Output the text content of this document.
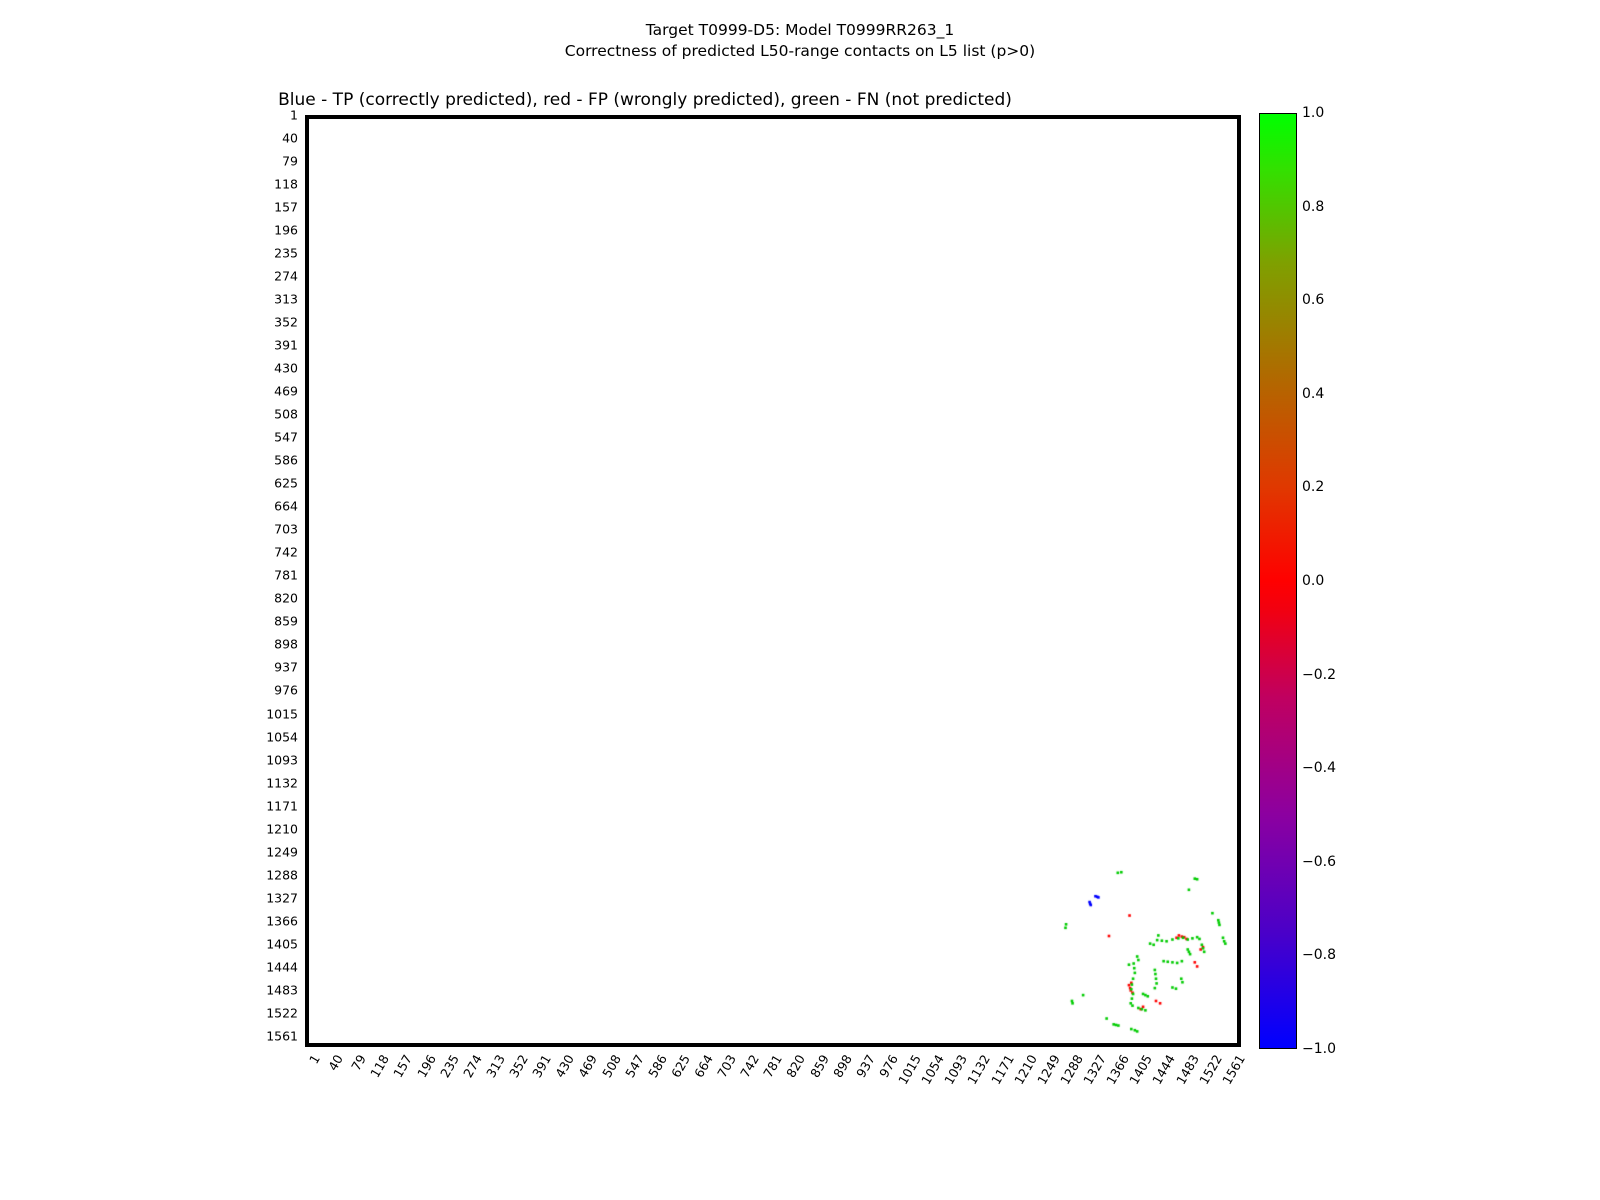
Target T0999-D5: Model T0999RR263_1
Correctness of predicted L50-range contacts on L5 list (p>0)
Blue - TP (correctly predicted), red - FP (wrongly predicted), green - FN (not predicted)
1
40
79
118
157
196
235
274
313
352
391
430
469
508
547
586
625
664
703
742
781
820
859
898
937
976
1015
1054
1093
1132
1171
1210
1249
1288
1327
1366
1405
1444
1483
1522
1561
1 40 79
118
157
196
235
274
313
352
391
430
469
508
547
586
625
664
703
742
781
820
859
898
937
976
1015
1054
1093
1132
1171
1210
1249
1288
1327
1366
1405
1444
1483
1522
1561
1.0
0.8
0.6
0.4
0.2
0.0
−0.2
−0.4
−0.6
−0.8
−1.0
